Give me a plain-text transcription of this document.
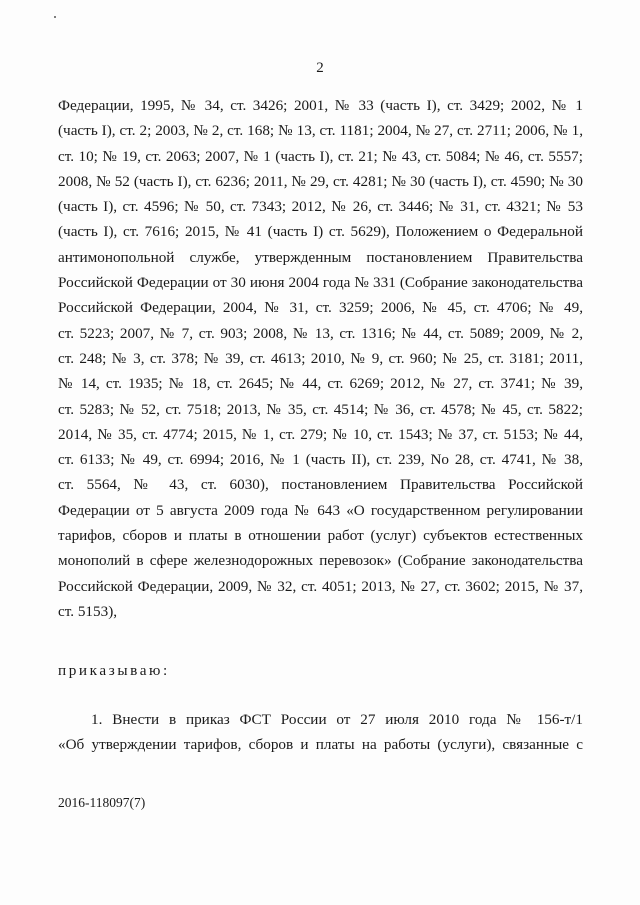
2
Федерации, 1995, № 34, ст. 3426; 2001, № 33 (часть I), ст. 3429; 2002, № 1
(часть I), ст. 2; 2003, № 2, ст. 168; № 13, ст. 1181; 2004, № 27, ст. 2711; 2006, № 1,
ст. 10; № 19, ст. 2063; 2007, № 1 (часть I), ст. 21; № 43, ст. 5084; № 46, ст. 5557;
2008, № 52 (часть I), ст. 6236; 2011, № 29, ст. 4281; № 30 (часть I), ст. 4590; № 30
(часть I), ст. 4596; № 50, ст. 7343; 2012, № 26, ст. 3446; № 31, ст. 4321; № 53
(часть I), ст. 7616; 2015, № 41 (часть I) ст. 5629), Положением о Федеральной
антимонопольной службе, утвержденным постановлением Правительства
Российской Федерации от 30 июня 2004 года № 331 (Собрание законодательства
Российской Федерации, 2004, № 31, ст. 3259; 2006, № 45, ст. 4706; № 49,
ст. 5223; 2007, № 7, ст. 903; 2008, № 13, ст. 1316; № 44, ст. 5089; 2009, № 2,
ст. 248; № 3, ст. 378; № 39, ст. 4613; 2010, № 9, ст. 960; № 25, ст. 3181; 2011,
№ 14, ст. 1935; № 18, ст. 2645; № 44, ст. 6269; 2012, № 27, ст. 3741; № 39,
ст. 5283; № 52, ст. 7518; 2013, № 35, ст. 4514; № 36, ст. 4578; № 45, ст. 5822;
2014, № 35, ст. 4774; 2015, № 1, ст. 279; № 10, ст. 1543; № 37, ст. 5153; № 44,
ст. 6133; № 49, ст. 6994; 2016, № 1 (часть II), ст. 239, No 28, ст. 4741, № 38,
ст. 5564, № 43, ст. 6030), постановлением Правительства Российской
Федерации от 5 августа 2009 года № 643 «О государственном регулировании
тарифов, сборов и платы в отношении работ (услуг) субъектов естественных
монополий в сфере железнодорожных перевозок» (Собрание законодательства
Российской Федерации, 2009, № 32, ст. 4051; 2013, № 27, ст. 3602; 2015, № 37,
ст. 5153),
приказываю:
1. Внести в приказ ФСТ России от 27 июля 2010 года № 156-т/1
«Об утверждении тарифов, сборов и платы на работы (услуги), связанные с
2016-118097(7)
